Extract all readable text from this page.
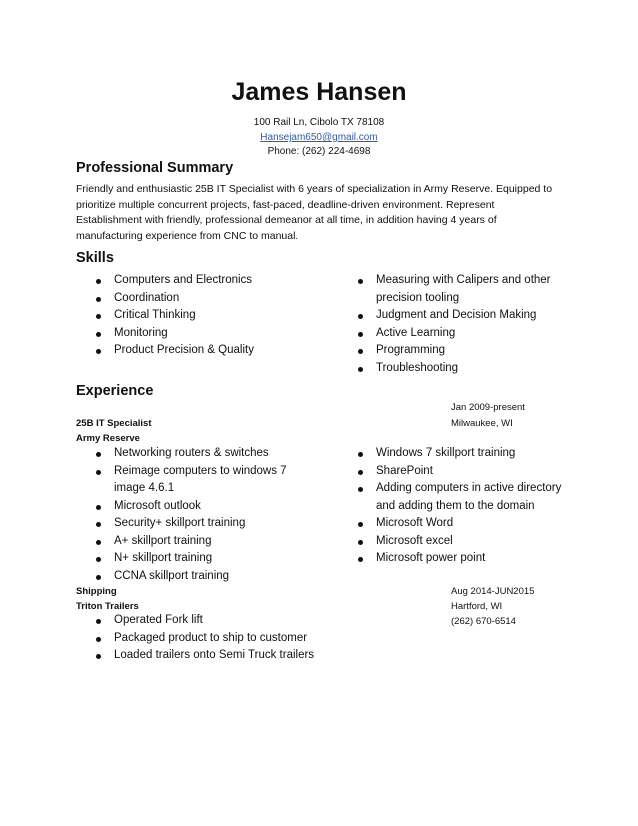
James Hansen
100 Rail Ln, Cibolo TX 78108
Hansejam650@gmail.com
Phone: (262) 224-4698
Professional Summary
Friendly and enthusiastic 25B IT Specialist with 6 years of specialization in Army Reserve. Equipped to prioritize multiple concurrent projects, fast-paced, deadline-driven environment. Represent Establishment with friendly, professional demeanor at all time, in addition having 4 years of manufacturing experience from CNC to manual.
Skills
Computers and Electronics
Coordination
Critical Thinking
Monitoring
Product Precision & Quality
Measuring with Calipers and other precision tooling
Judgment and Decision Making
Active Learning
Programming
Troubleshooting
Experience
Jan 2009-present
25B IT Specialist	Milwaukee, WI
Army Reserve
Networking routers & switches
Reimage computers to windows 7 image 4.6.1
Microsoft outlook
Security+ skillport training
A+ skillport training
N+ skillport training
CCNA skillport training
Windows 7 skillport training
SharePoint
Adding computers in active directory and adding them to the domain
Microsoft Word
Microsoft excel
Microsoft power point
Shipping	Aug 2014-JUN2015
Triton Trailers	Hartford, WI
(262) 670-6514
Operated Fork lift
Packaged product to ship to customer
Loaded trailers onto Semi Truck trailers
